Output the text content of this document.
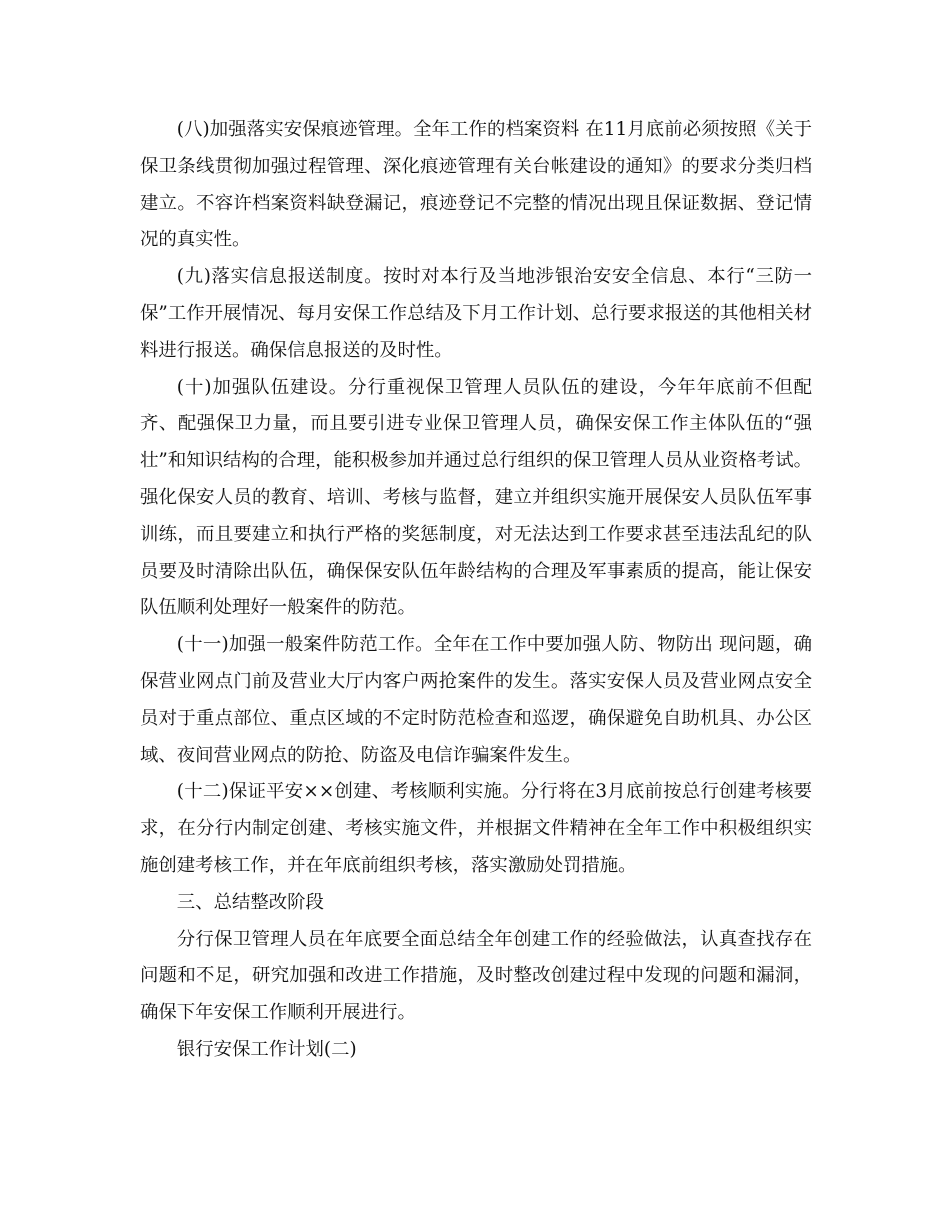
(八)加强落实安保痕迹管理。全年工作的档案资料 在11月底前必须按照《关于保卫条线贯彻加强过程管理、深化痕迹管理有关台帐建设的通知》的要求分类归档建立。不容许档案资料缺登漏记，痕迹登记不完整的情况出现且保证数据、登记情况的真实性。

(九)落实信息报送制度。按时对本行及当地涉银治安安全信息、本行“三防一保”工作开展情况、每月安保工作总结及下月工作计划、总行要求报送的其他相关材料进行报送。确保信息报送的及时性。

(十)加强队伍建设。分行重视保卫管理人员队伍的建设，今年年底前不但配齐、配强保卫力量，而且要引进专业保卫管理人员，确保安保工作主体队伍的“强壮”和知识结构的合理，能积极参加并通过总行组织的保卫管理人员从业资格考试。强化保安人员的教育、培训、考核与监督，建立并组织实施开展保安人员队伍军事训练，而且要建立和执行严格的奖惩制度，对无法达到工作要求甚至违法乱纪的队员要及时清除出队伍，确保保安队伍年龄结构的合理及军事素质的提高，能让保安队伍顺利处理好一般案件的防范。

(十一)加强一般案件防范工作。全年在工作中要加强人防、物防出 现问题，确保营业网点门前及营业大厅内客户两抢案件的发生。落实安保人员及营业网点安全员对于重点部位、重点区域的不定时防范检查和巡逻，确保避免自助机具、办公区域、夜间营业网点的防抢、防盗及电信诈骗案件发生。

(十二)保证平安××创建、考核顺利实施。分行将在3月底前按总行创建考核要求，在分行内制定创建、考核实施文件，并根据文件精神在全年工作中积极组织实施创建考核工作，并在年底前组织考核，落实激励处罚措施。

三、总结整改阶段

分行保卫管理人员在年底要全面总结全年创建工作的经验做法，认真查找存在问题和不足，研究加强和改进工作措施，及时整改创建过程中发现的问题和漏洞，确保下年安保工作顺利开展进行。

银行安保工作计划(二)
